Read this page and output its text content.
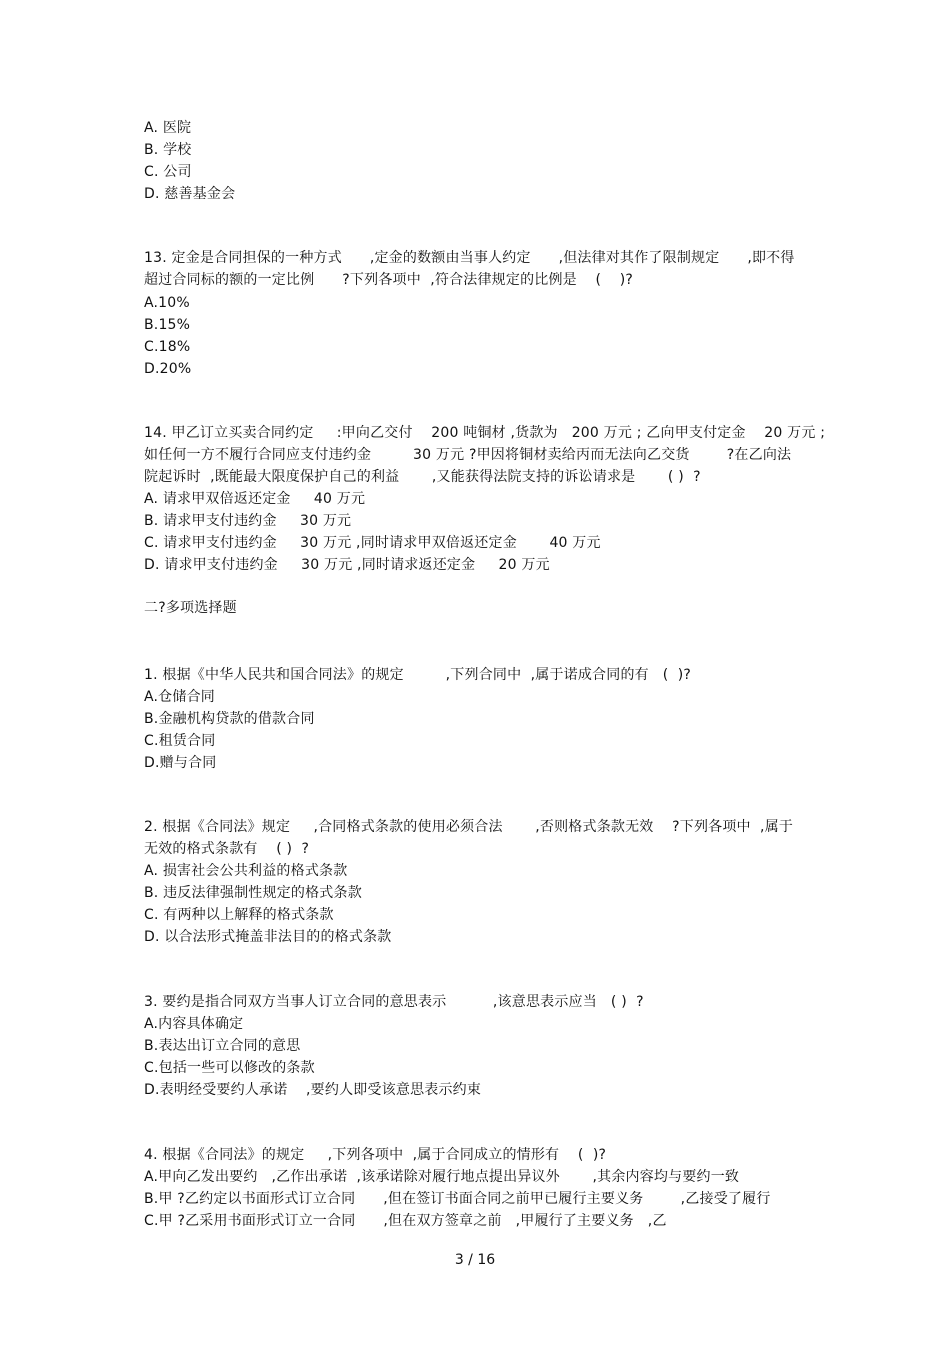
A. 医院
B. 学校
C. 公司
D. 慈善基金会
13. 定金是合同担保的一种方式      ,定金的数额由当事人约定      ,但法律对其作了限制规定      ,即不得
超过合同标的额的一定比例      ?下列各项中  ,符合法律规定的比例是    (    )?
A.10%
B.15%
C.18%
D.20%
14. 甲乙订立买卖合同约定     :甲向乙交付    200 吨铜材 ,货款为   200 万元 ; 乙向甲支付定金    20 万元 ;
如任何一方不履行合同应支付违约金         30 万元 ?甲因将铜材卖给丙而无法向乙交货        ?在乙向法
院起诉时  ,既能最大限度保护自己的利益       ,又能获得法院支持的诉讼请求是       ( )  ?
A. 请求甲双倍返还定金     40 万元
B. 请求甲支付违约金     30 万元
C. 请求甲支付违约金     30 万元 ,同时请求甲双倍返还定金       40 万元
D. 请求甲支付违约金     30 万元 ,同时请求返还定金     20 万元
二?多项选择题
1. 根据《中华人民共和国合同法》的规定         ,下列合同中  ,属于诺成合同的有   (  )?
A.仓储合同
B.金融机构贷款的借款合同
C.租赁合同
D.赠与合同
2. 根据《合同法》规定     ,合同格式条款的使用必须合法       ,否则格式条款无效    ?下列各项中  ,属于
无效的格式条款有    ( )  ?
A. 损害社会公共利益的格式条款
B. 违反法律强制性规定的格式条款
C. 有两种以上解释的格式条款
D. 以合法形式掩盖非法目的的格式条款
3. 要约是指合同双方当事人订立合同的意思表示          ,该意思表示应当   ( )  ?
A.内容具体确定
B.表达出订立合同的意思
C.包括一些可以修改的条款
D.表明经受要约人承诺    ,要约人即受该意思表示约束
4. 根据《合同法》的规定     ,下列各项中  ,属于合同成立的情形有    (  )?
A.甲向乙发出要约   ,乙作出承诺  ,该承诺除对履行地点提出异议外       ,其余内容均与要约一致
B.甲 ?乙约定以书面形式订立合同      ,但在签订书面合同之前甲已履行主要义务        ,乙接受了履行
C.甲 ?乙采用书面形式订立一合同      ,但在双方签章之前   ,甲履行了主要义务   ,乙
3 / 16
